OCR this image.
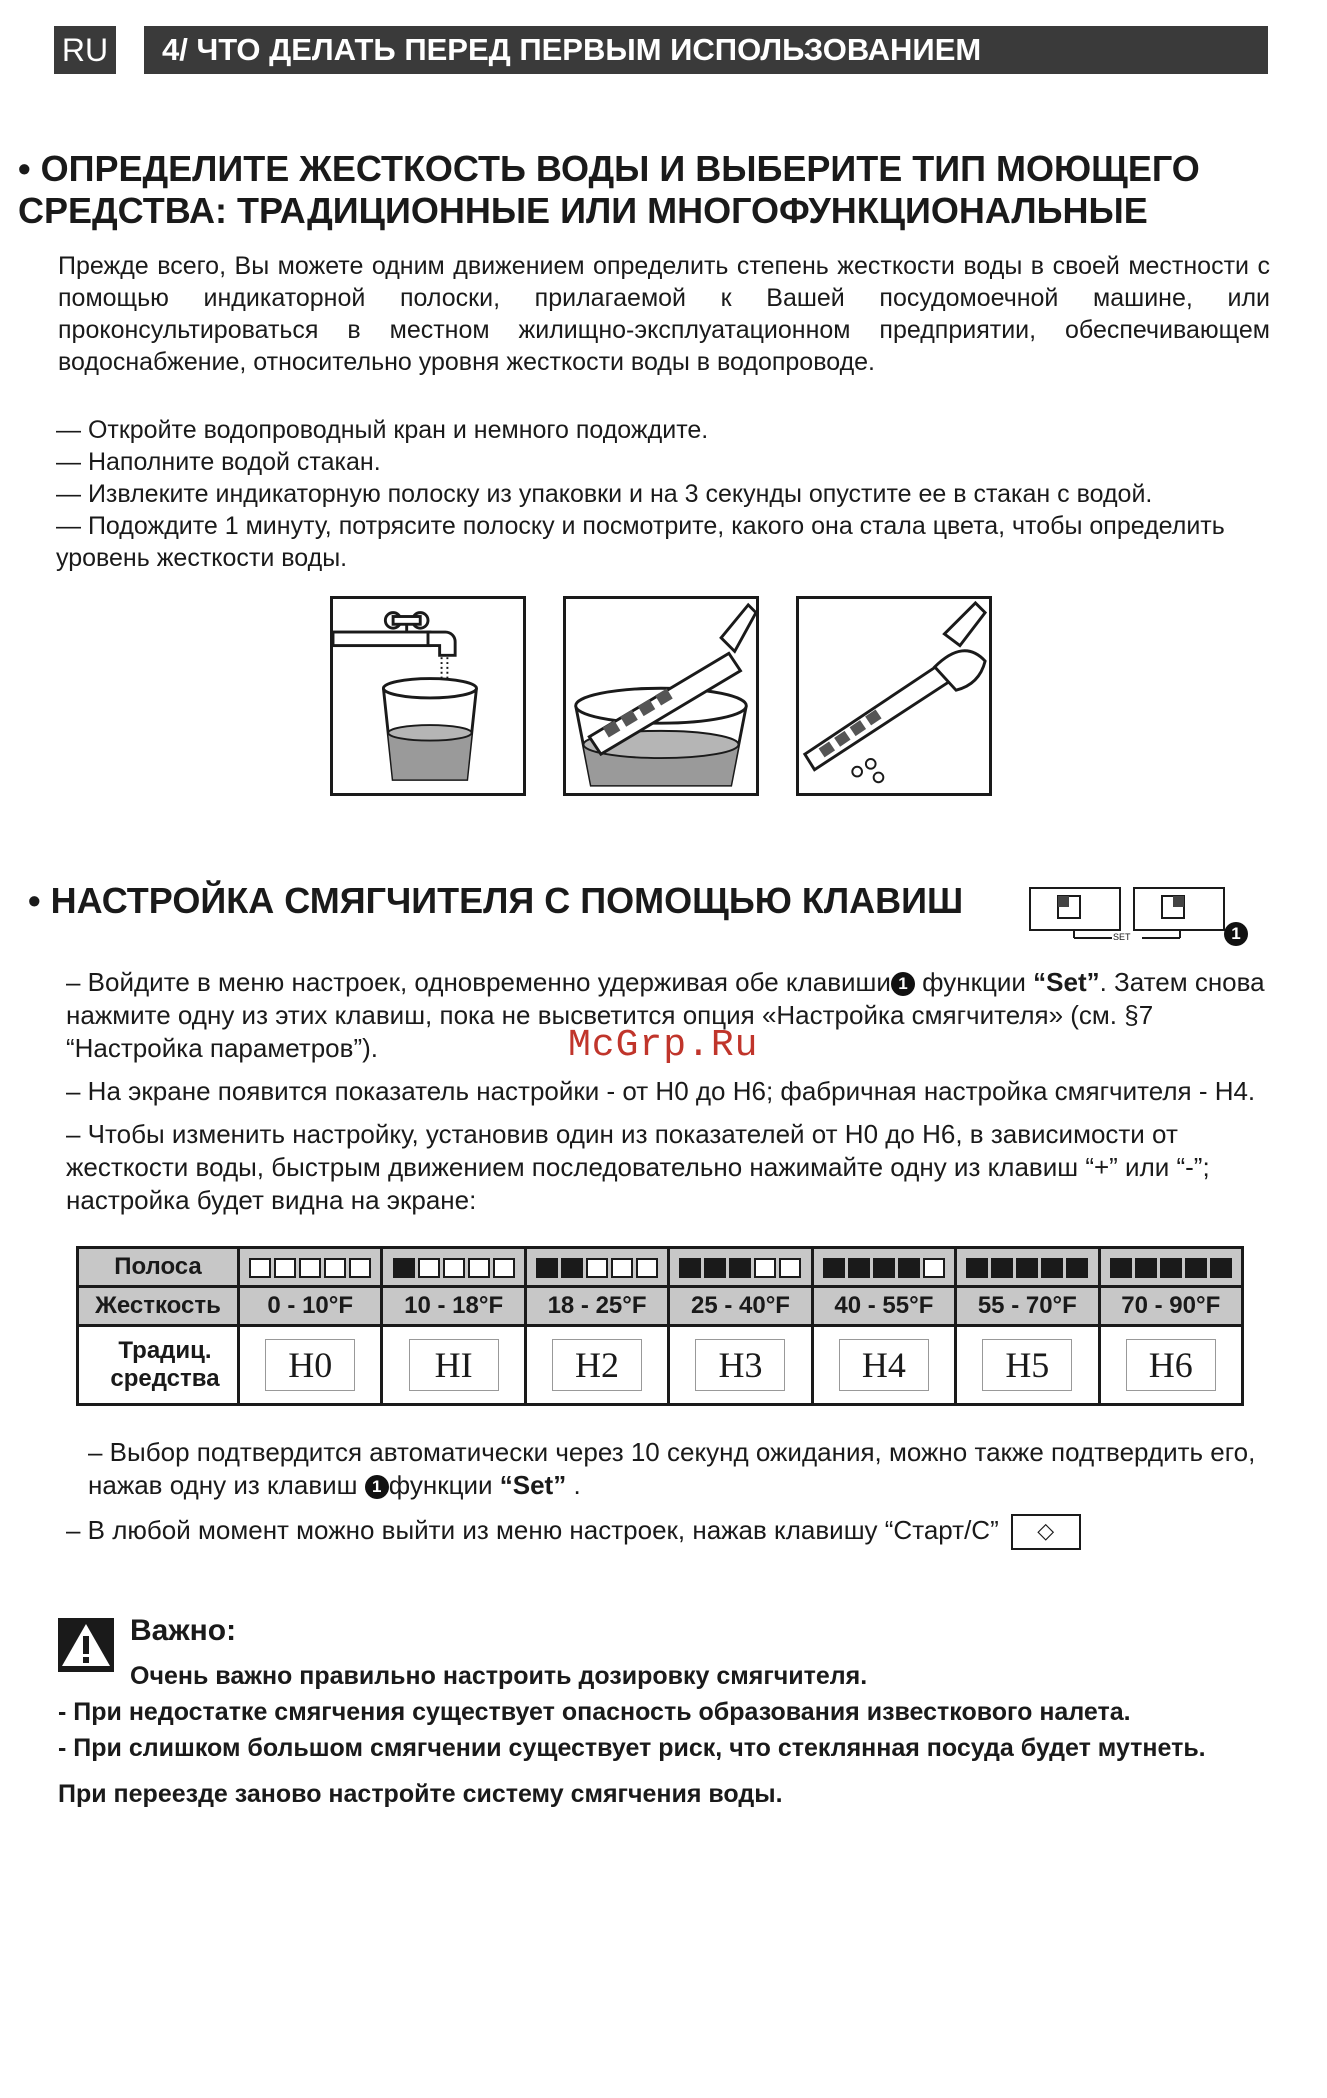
RU	4/ ЧТО ДЕЛАТЬ ПЕРЕД ПЕРВЫМ ИСПОЛЬЗОВАНИЕМ
• ОПРЕДЕЛИТЕ ЖЕСТКОСТЬ ВОДЫ И ВЫБЕРИТЕ ТИП МОЮЩЕГО
СРЕДСТВА: ТРАДИЦИОННЫЕ ИЛИ МНОГОФУНКЦИОНАЛЬНЫЕ
Прежде всего, Вы можете одним движением определить степень жесткости воды в своей местности с помощью индикаторной полоски, прилагаемой к Вашей посудомоечной машине, или проконсультироваться в местном жилищно-эксплуатационном предприятии, обеспечивающем водоснабжение, относительно уровня жесткости воды в водопроводе.
— Откройте водопроводный кран и немного подождите.
— Наполните водой стакан.
— Извлеките индикаторную полоску из упаковки и на 3 секунды опустите ее в стакан с водой.
— Подождите 1 минуту, потрясите полоску и посмотрите, какого она стала цвета, чтобы определить уровень жесткости воды.
• НАСТРОЙКА СМЯГЧИТЕЛЯ С ПОМОЩЬЮ КЛАВИШ
SET	1

– Войдите в меню настроек, одновременно удерживая обе клавиши 1 функции “Set”. Затем снова нажмите одну из этих клавиш, пока не высветится опция «Настройка смягчителя» (см. §7 “Настройка параметров”).

– На экране появится показатель настройки - от H0 до H6; фабричная настройка смягчителя - H4.

– Чтобы изменить настройку, установив один из показателей от H0 до H6, в зависимости от жесткости воды, быстрым движением последовательно нажимайте одну из клавиш “+” или “-”; настройка будет видна на экране:

McGrp.Ru
Полоса	

Жесткость	0 - 10°F	10 - 18°F	18 - 25°F	25 - 40°F	40 - 55°F	55 - 70°F	70 - 90°F
Традиц. средства	H0	HI	H2	H3	H4	H5	H6

– Выбор подтвердится автоматически через 10 секунд ожидания, можно также подтвердить его, нажав одну из клавиш 1 функции “Set” .

– В любой момент можно выйти из меню настроек, нажав клавишу “Старт/С” ◇

Важно:

Очень важно правильно настроить дозировку смягчителя.

- При недостатке смягчения существует опасность образования известкового налета.

- При слишком большом смягчении существует риск, что стеклянная посуда будет мутнеть.

При переезде заново настройте систему смягчения воды.
